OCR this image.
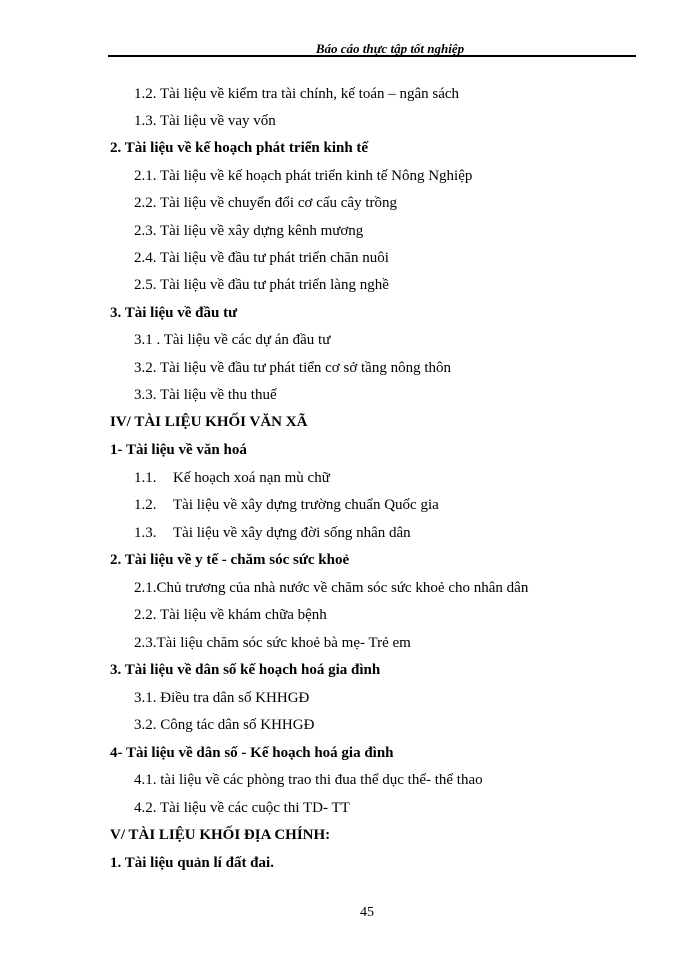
Báo cáo thực tập tốt nghiệp
1.2. Tài liệu về kiểm tra tài chính, kế toán – ngân sách
1.3. Tài liệu về vay vốn
2. Tài liệu về kế hoạch phát triển kinh tế
2.1. Tài liệu về kế hoạch phát triển kinh tế Nông Nghiệp
2.2. Tài liệu về chuyển đổi cơ cấu cây trồng
2.3. Tài liệu về xây dựng kênh mương
2.4. Tài liệu về đầu tư phát triển chăn nuôi
2.5. Tài liệu về đầu tư phát triển làng nghề
3. Tài liệu về đầu tư
3.1 . Tài liệu về các dự án đầu tư
3.2. Tài liệu về đầu tư phát tiển cơ sở tầng nông thôn
3.3. Tài liệu về thu thuế
IV/ TÀI LIỆU KHỐI VĂN XÃ
1- Tài liệu về văn hoá
1.1. Kế hoạch xoá nạn mù chữ
1.2. Tài liệu về xây dựng trường chuẩn Quốc gia
1.3. Tài liệu về xây dựng đời sống nhân dân
2. Tài liệu về y tế - chăm sóc sức khoẻ
2.1.Chủ trương của nhà nước về chăm sóc sức khoẻ cho nhân dân
2.2. Tài liệu về khám chữa bệnh
2.3.Tài liệu chăm sóc sức khoẻ bà mẹ- Trẻ em
3. Tài liệu về dân số kế hoạch hoá gia đình
3.1. Điều tra dân số KHHGĐ
3.2. Công tác dân số KHHGĐ
4- Tài liệu về dân số - Kế hoạch hoá gia đình
4.1. tài liệu về các phòng trao thi đua thể dục thể- thể thao
4.2. Tài liệu về các cuộc thi TD- TT
V/ TÀI LIỆU KHỐI ĐỊA CHÍNH:
1. Tài liệu quản lí đất đai.
45
